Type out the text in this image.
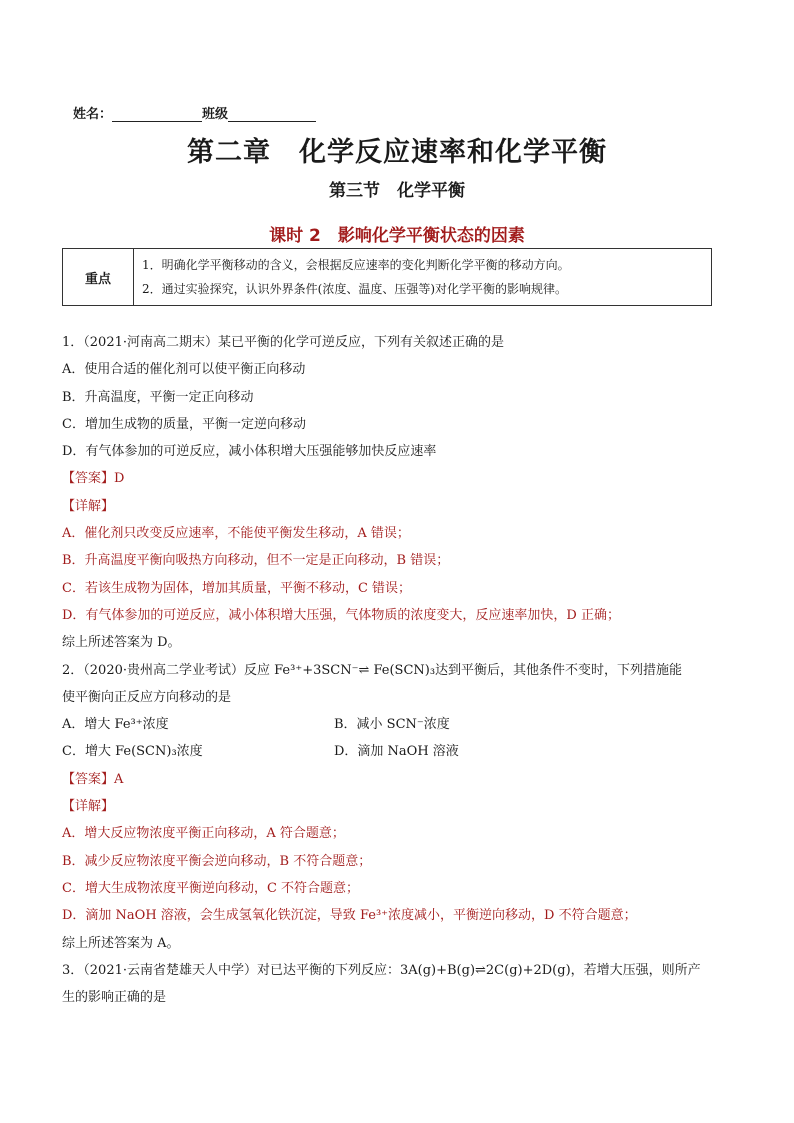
姓名：	班级
第二章　化学反应速率和化学平衡
第三节　化学平衡
课时 2　影响化学平衡状态的因素
重点	
1．明确化学平衡移动的含义，会根据反应速率的变化判断化学平衡的移动方向。
2．通过实验探究，认识外界条件(浓度、温度、压强等)对化学平衡的影响规律。
1．（2021·河南高二期末）某已平衡的化学可逆反应，下列有关叙述正确的是
A．使用合适的催化剂可以使平衡正向移动
B．升高温度，平衡一定正向移动
C．增加生成物的质量，平衡一定逆向移动
D．有气体参加的可逆反应，减小体积增大压强能够加快反应速率
【答案】D
【详解】
A．催化剂只改变反应速率，不能使平衡发生移动，A 错误；
B．升高温度平衡向吸热方向移动，但不一定是正向移动，B 错误；
C．若该生成物为固体，增加其质量，平衡不移动，C 错误；
D．有气体参加的可逆反应，减小体积增大压强，气体物质的浓度变大，反应速率加快，D 正确；
综上所述答案为 D。
2．（2020·贵州高二学业考试）反应 Fe³⁺+3SCN⁻⇌ Fe(SCN)₃达到平衡后，其他条件不变时，下列措施能
使平衡向正反应方向移动的是
A．增大 Fe³⁺浓度	B．减小 SCN⁻浓度
C．增大 Fe(SCN)₃浓度	D．滴加 NaOH 溶液
【答案】A
【详解】
A．增大反应物浓度平衡正向移动，A 符合题意；
B．减少反应物浓度平衡会逆向移动，B 不符合题意；
C．增大生成物浓度平衡逆向移动，C 不符合题意；
D．滴加 NaOH 溶液，会生成氢氧化铁沉淀，导致 Fe³⁺浓度减小，平衡逆向移动，D 不符合题意；
综上所述答案为 A。
3．（2021·云南省楚雄天人中学）对已达平衡的下列反应：3A(g)+B(g)⇌2C(g)+2D(g)，若增大压强，则所产
生的影响正确的是
